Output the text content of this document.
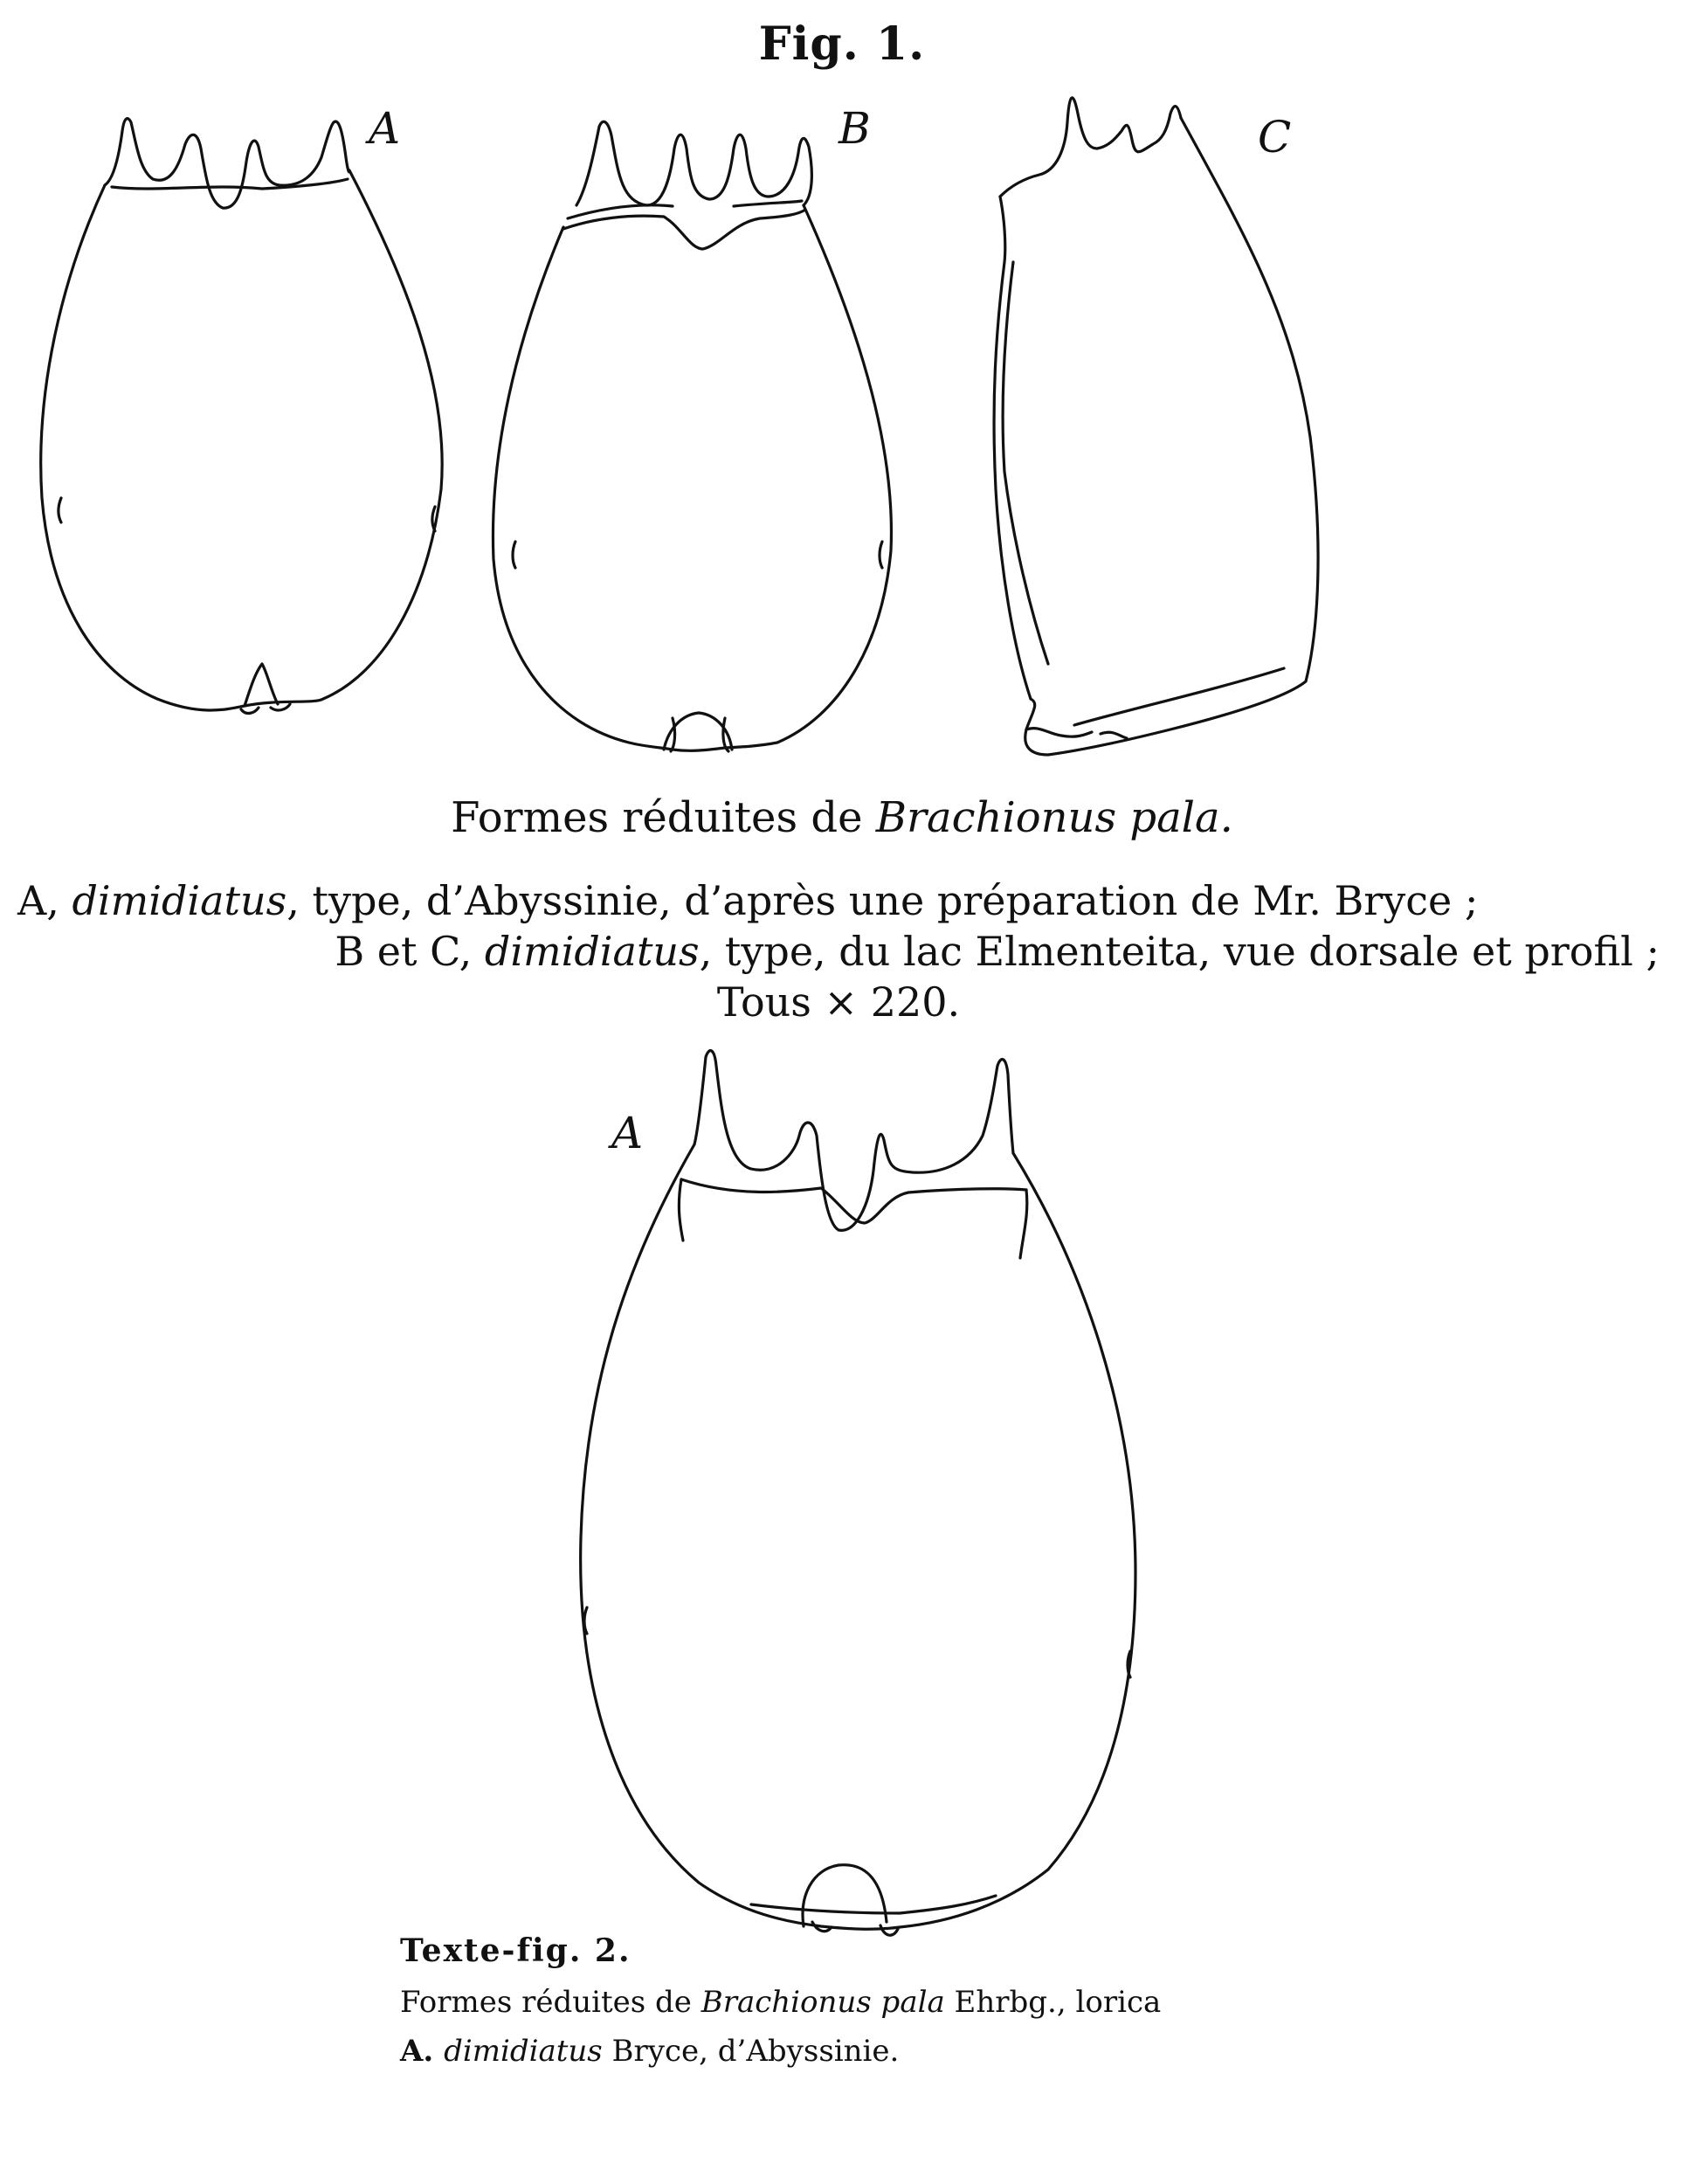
Fig. 1.
A	B	C
Formes réduites de Brachionus pala.
A, dimidiatus, type, d’Abyssinie, d’après une préparation de Mr. Bryce ;
B et C, dimidiatus, type, du lac Elmenteita, vue dorsale et profil ;
Tous × 220.
A
Texte-fig. 2.
Formes réduites de Brachionus pala Ehrbg., lorica
A. dimidiatus Bryce, d’Abyssinie.
